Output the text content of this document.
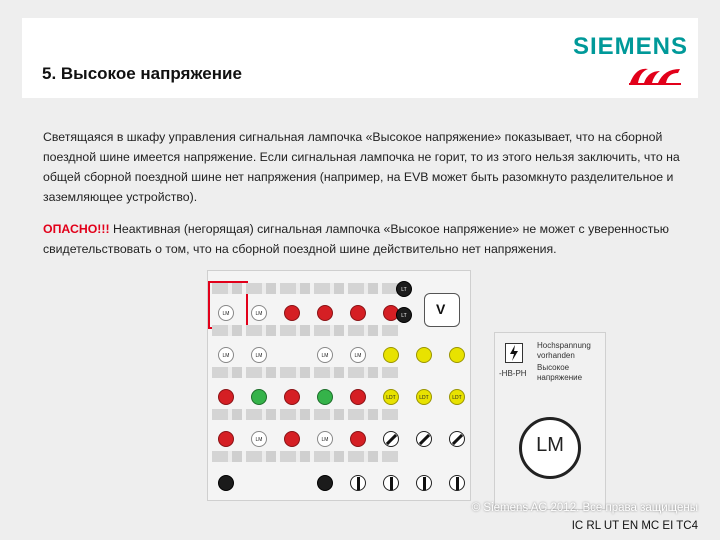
5. Высокое напряжение
SIEMENS
Светящаяся в шкафу управления сигнальная лампочка «Высокое напряжение» показывает, что на сборной поездной шине имеется напряжение. Если сигнальная лампочка не горит, то из этого нельзя заключить, что на общей сборной поездной шине нет напряжения (например, на EVB может быть разомкнуто разделительное и заземляющее устройство).
ОПАСНО!!! Неактивная (негорящая) сигнальная лампочка «Высокое напряжение» не может с уверенностью свидетельствовать о том, что на сборной поездной шине действительно нет напряжения.
LM	LM
LT
LT	V
LM	LM	LM	LM
LDT	LDT	LDT
LM	LM
Hochspannung vorhanden
-HB-PH
Высокое напряжение
LM
© Siemens AG 2012. Все права защищены
IC RL UT EN MC EI TC4
